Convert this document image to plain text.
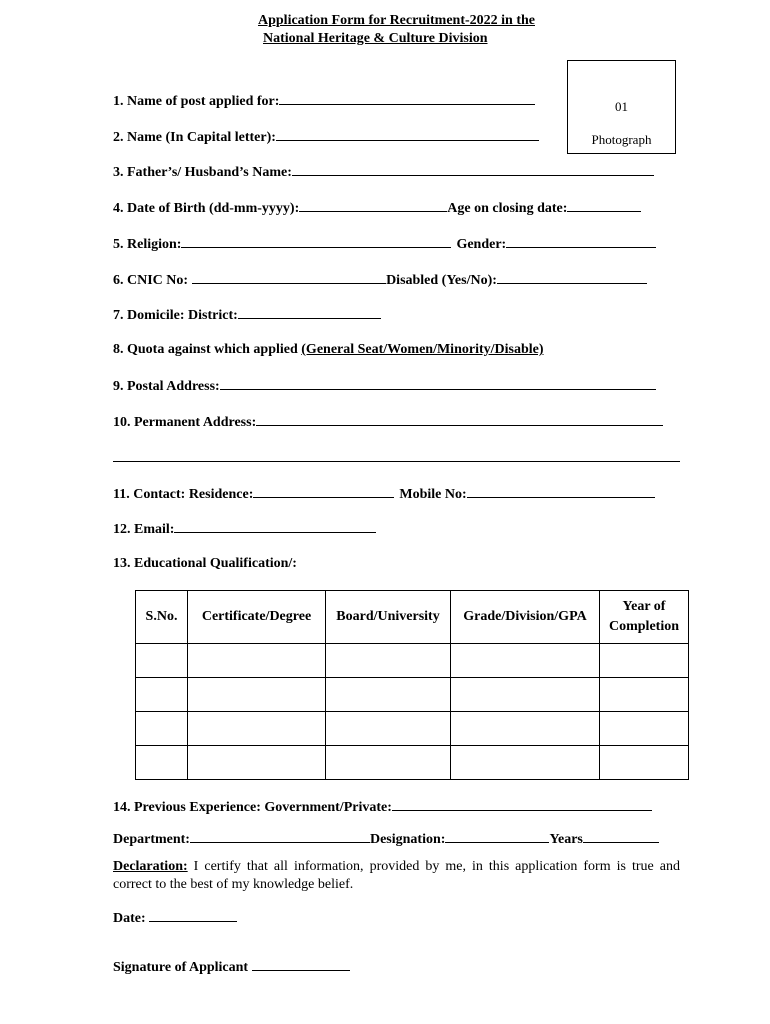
Application Form for Recruitment-2022 in the
National Heritage & Culture Division
01
Photograph
1. Name of post applied for:
2. Name (In Capital letter):
3. Father’s/ Husband’s Name:
4. Date of Birth (dd-mm-yyyy):	Age on closing date:
5. Religion:	Gender:
6. CNIC No:	Disabled (Yes/No):
7. Domicile: District:
8. Quota against which applied (General Seat/Women/Minority/Disable)
9. Postal Address:
10. Permanent Address:
11. Contact: Residence:	Mobile No:
12. Email:
13. Educational Qualification/:
S.No.	Certificate/Degree	Board/University	Grade/Division/GPA	Year of Completion

14. Previous Experience: Government/Private:
Department:	Designation:	Years
Declaration: I certify that all information, provided by me, in this application form is true and correct to the best of my knowledge belief.
Date:
Signature of Applicant
